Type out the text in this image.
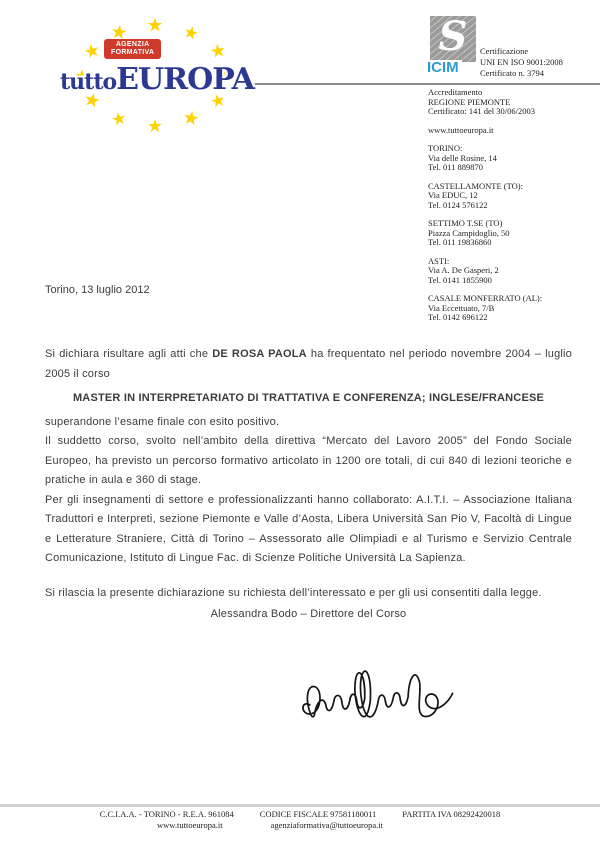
★
★
★
★
★
★
★
★
★
★
★
★
AGENZIA
FORMATIVA
tuttoEUROPA
S
ICIM
Certificazione
UNI EN ISO 9001:2008
Certificato n. 3794
Accreditamento
REGIONE PIEMONTE
Certificato: 141 del 30/06/2003
www.tuttoeuropa.it
TORINO:
Via delle Rosine, 14
Tel. 011 889870
CASTELLAMONTE (TO):
Via EDUC, 12
Tel. 0124 576122
SETTIMO T.SE (TO)
Piazza Campidoglio, 50
Tel. 011 19836860
ASTI:
Via A. De Gasperi, 2
Tel. 0141 1855900
CASALE MONFERRATO (AL):
Via Eccettuato, 7/B
Tel. 0142 696122
Torino, 13 luglio 2012

Si dichiara risultare agli atti che DE ROSA PAOLA ha frequentato nel periodo novembre 2004 – luglio 2005 il corso

MASTER IN INTERPRETARIATO DI TRATTATIVA E CONFERENZA; INGLESE/FRANCESE

superandone l’esame finale con esito positivo.

Il suddetto corso, svolto nell’ambito della direttiva “Mercato del Lavoro 2005” del Fondo Sociale Europeo, ha previsto un percorso formativo articolato in 1200 ore totali, di cui 840 di lezioni teoriche e pratiche in aula e 360 di stage.

Per gli insegnamenti di settore e professionalizzanti hanno collaborato: A.I.T.I. – Associazione Italiana Traduttori e Interpreti, sezione Piemonte e Valle d’Aosta, Libera Università San Pio V, Facoltà di Lingue e Letterature Straniere, Città di Torino – Assessorato alle Olimpiadi e al Turismo e Servizio Centrale Comunicazione, Istituto di Lingue Fac. di Scienze Politiche Università La Sapienza.

Si rilascia la presente dichiarazione su richiesta dell’interessato e per gli usi consentiti dalla legge.

Alessandra Bodo – Direttore del Corso

C.C.I.A.A. - TORINO - R.E.A. 961084	CODICE FISCALE 97581180011	PARTITA IVA 08292420018
www.tuttoeuropa.it	agenziaformativa@tuttoeuropa.it
